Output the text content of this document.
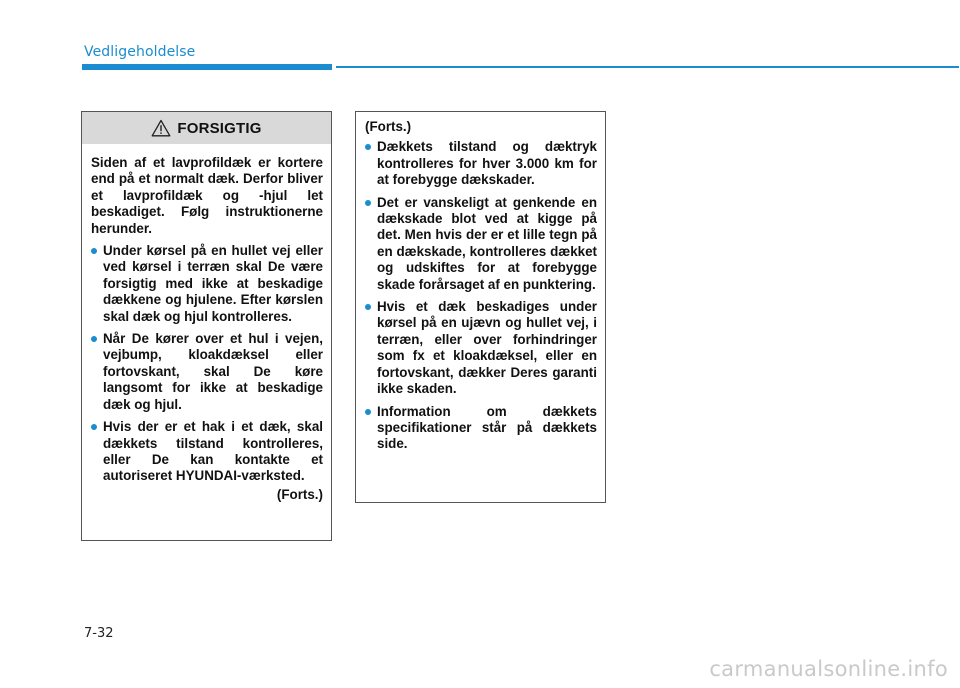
Vedligeholdelse
FORSIGTIG

Siden af et lavprofildæk er kortere end på et normalt dæk. Derfor bliver et lavprofildæk og -hjul let beskadiget. Følg instruktionerne herunder.

Under kørsel på en hullet vej eller ved kørsel i terræn skal De være forsigtig med ikke at beskadige dækkene og hjulene. Efter kørslen skal dæk og hjul kontrolleres.
Når De kører over et hul i vejen, vejbump, kloakdæksel eller fortovskant, skal De køre langsomt for ikke at beskadige dæk og hjul.
Hvis der er et hak i et dæk, skal dækkets tilstand kontrolleres, eller De kan kontakte et autoriseret HYUNDAI-værksted.
(Forts.)
(Forts.)
Dækkets tilstand og dæktryk kontrolleres for hver 3.000 km for at forebygge dækskader.
Det er vanskeligt at genkende en dækskade blot ved at kigge på det. Men hvis der er et lille tegn på en dækskade, kontrolleres dækket og udskiftes for at forebygge skade forårsaget af en punktering.
Hvis et dæk beskadiges under kørsel på en ujævn og hullet vej, i terræn, eller over forhindringer som fx et kloakdæksel, eller en fortovskant, dækker Deres garanti ikke skaden.
Information om dækkets specifikationer står på dækkets side.
7-32
carmanualsonline.info
